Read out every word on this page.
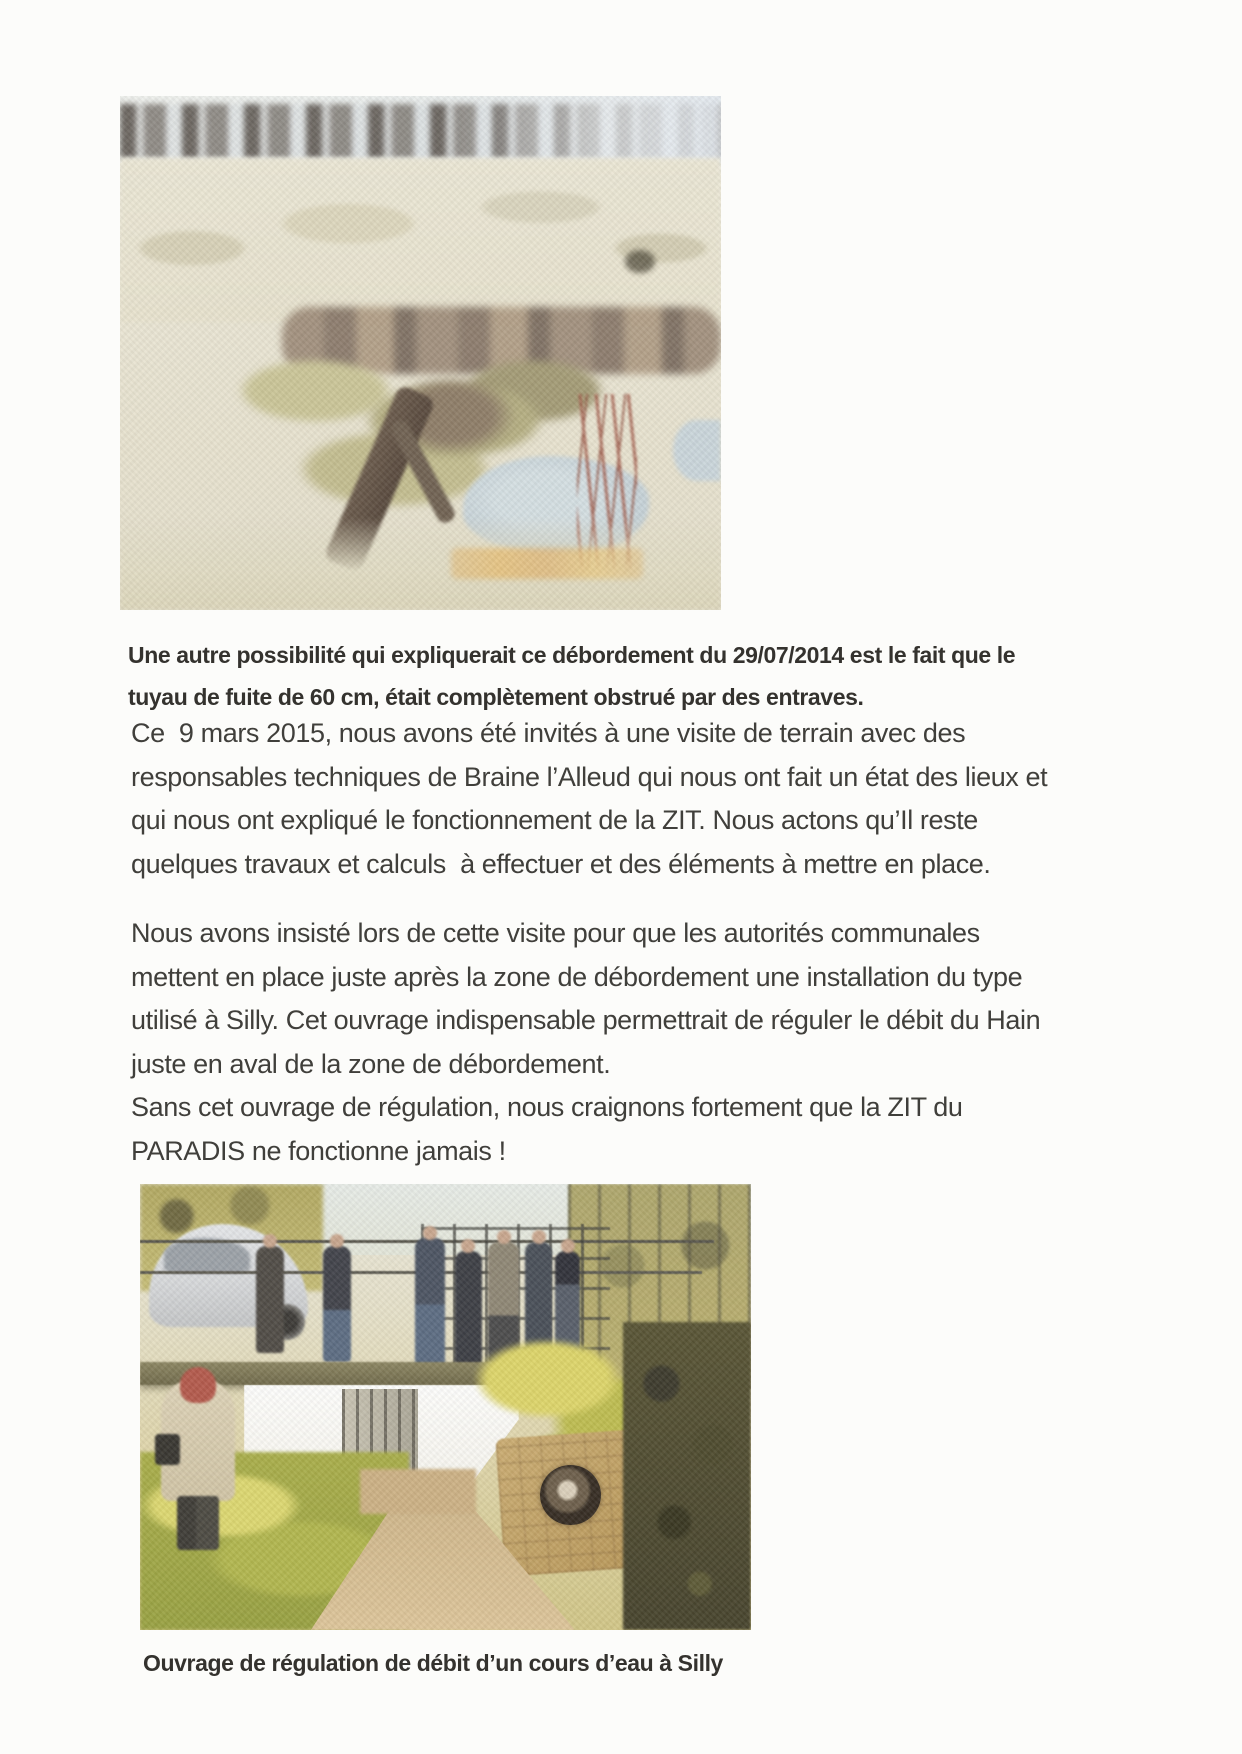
Une autre possibilité qui expliquerait ce débordement du 29/07/2014 est le fait que le
tuyau de fuite de 60 cm, était complètement obstrué par des entraves.
Ce  9 mars 2015, nous avons été invités à une visite de terrain avec des
responsables techniques de Braine l’Alleud qui nous ont fait un état des lieux et
qui nous ont expliqué le fonctionnement de la ZIT. Nous actons qu’Il reste
quelques travaux et calculs  à effectuer et des éléments à mettre en place.
Nous avons insisté lors de cette visite pour que les autorités communales
mettent en place juste après la zone de débordement une installation du type
utilisé à Silly. Cet ouvrage indispensable permettrait de réguler le débit du Hain
juste en aval de la zone de débordement.
Sans cet ouvrage de régulation, nous craignons fortement que la ZIT du
PARADIS ne fonctionne jamais !
Ouvrage de régulation de débit d’un cours d’eau à Silly
